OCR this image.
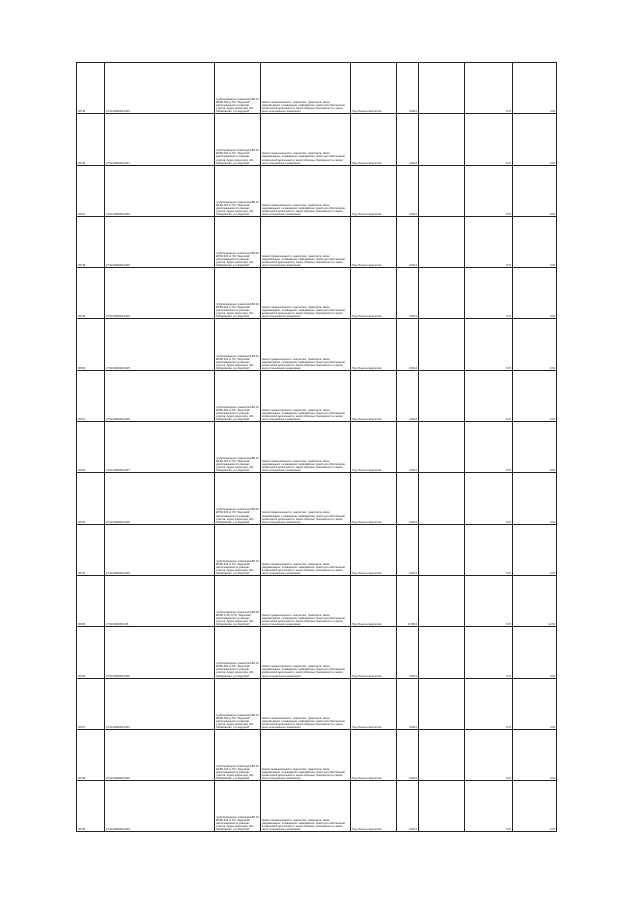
30715	27:04:0000000:1023	трубопроводного транспорта ВЛ-10 кВ ВЛ-103 от ПС "Амурская" расположенного в границах участка. Адрес ориентира: обл. Хабаровская, р-н Амурский	Земли промышленности, энергетики, транспорта, связи, радиовещания, телевидения, информатики, земли для обеспечения космической деятельности, земли обороны, безопасности и земли иного специального назначения	Под объекты энергетики	0,0014		0,70	0,04
30716	27:04:0000000:1021	трубопроводного транспорта ВЛ-10 кВ ВЛ-103 от ПС "Амурская" расположенного в границах участка. Адрес ориентира: обл. Хабаровская, р-н Амурский	Земли промышленности, энергетики, транспорта, связи, радиовещания, телевидения, информатики, земли для обеспечения космической деятельности, земли обороны, безопасности и земли иного специального назначения	Под объекты энергетики	0,0014		0,70	0,04
30717	27:04:0000000:1022	трубопроводного транспорта ВЛ-10 кВ ВЛ-103 от ПС "Амурская" расположенного в границах участка. Адрес ориентира: обл. Хабаровская, р-н Амурский	Земли промышленности, энергетики, транспорта, связи, радиовещания, телевидения, информатики, земли для обеспечения космической деятельности, земли обороны, безопасности и земли иного специального назначения	Под объекты энергетики	0,0014		0,70	0,04
30718	27:04:0000000:1023	трубопроводного транспорта ВЛ-10 кВ ВЛ-103 от ПС "Амурская" расположенного в границах участка. Адрес ориентира: обл. Хабаровская, р-н Амурский	Земли промышленности, энергетики, транспорта, связи, радиовещания, телевидения, информатики, земли для обеспечения космической деятельности, земли обороны, безопасности и земли иного специального назначения	Под объекты энергетики	0,0014		0,70	0,04
30719	27:04:0000000:1024	трубопроводного транспорта ВЛ-10 кВ ВЛ-103 от ПС "Амурская" расположенного в границах участка. Адрес ориентира: обл. Хабаровская, р-н Амурский	Земли промышленности, энергетики, транспорта, связи, радиовещания, телевидения, информатики, земли для обеспечения космической деятельности, земли обороны, безопасности и земли иного специального назначения	Под объекты энергетики	0,0014		0,70	0,04
30720	27:04:0000000:1025	трубопроводного транспорта ВЛ-10 кВ ВЛ-103 от ПС "Амурская" расположенного в границах участка. Адрес ориентира: обл. Хабаровская, р-н Амурский	Земли промышленности, энергетики, транспорта, связи, радиовещания, телевидения, информатики, земли для обеспечения космической деятельности, земли обороны, безопасности и земли иного специального назначения	Под объекты энергетики	0,0014		0,70	0,04
30721	27:04:0000000:1026	трубопроводного транспорта ВЛ-10 кВ ВЛ-103 от ПС "Амурская" расположенного в границах участка. Адрес ориентира: обл. Хабаровская, р-н Амурский	Земли промышленности, энергетики, транспорта, связи, радиовещания, телевидения, информатики, земли для обеспечения космической деятельности, земли обороны, безопасности и земли иного специального назначения	Под объекты энергетики	0,0014		0,70	0,04
30722	27:04:0000000:1027	трубопроводного транспорта ВЛ-10 кВ ВЛ-103 от ПС "Амурская" расположенного в границах участка. Адрес ориентира: обл. Хабаровская, р-н Амурский	Земли промышленности, энергетики, транспорта, связи, радиовещания, телевидения, информатики, земли для обеспечения космической деятельности, земли обороны, безопасности и земли иного специального назначения	Под объекты энергетики	0,0014		0,70	0,04
30723	27:04:0000000:1028	трубопроводного транспорта ВЛ-10 кВ ВЛ-103 от ПС "Амурская" расположенного в границах участка. Адрес ориентира: обл. Хабаровская, р-н Амурский	Земли промышленности, энергетики, транспорта, связи, радиовещания, телевидения, информатики, земли для обеспечения космической деятельности, земли обороны, безопасности и земли иного специального назначения	Под объекты энергетики	0,0014		0,70	0,04
30724	27:04:0000000:1029	трубопроводного транспорта ВЛ-10 кВ ВЛ-103 от ПС "Амурская" расположенного в границах участка. Адрес ориентира: обл. Хабаровская, р-н Амурский	Земли промышленности, энергетики, транспорта, связи, радиовещания, телевидения, информатики, земли для обеспечения космической деятельности, земли обороны, безопасности и земли иного специального назначения	Под объекты энергетики	0,0014		0,70	0,04
30725	27:04:0000000:105	трубопроводного транспорта ВЛ-35 кВ ВЛ-С-35 от ПС "Амурская" расположенного в границах участка. Адрес ориентира: обл. Хабаровская, р-н Амурский	Земли промышленности, энергетики, транспорта, связи, радиовещания, телевидения, информатики, земли для обеспечения космической деятельности, земли обороны, безопасности и земли иного специального назначения	Под объекты энергетики	17,8814		0,70	12,52
30726	27:04:0000000:1030	трубопроводного транспорта ВЛ-10 кВ ВЛ-103 от ПС "Амурская" расположенного в границах участка. Адрес ориентира: обл. Хабаровская, р-н Амурский	Земли промышленности, энергетики, транспорта, связи, радиовещания, телевидения, информатики, земли для обеспечения космической деятельности, земли обороны, безопасности и земли иного специального назначения	Под объекты энергетики	0,0014		0,70	0,04
30727	27:04:0000000:1031	трубопроводного транспорта ВЛ-10 кВ ВЛ-103 от ПС "Амурская" расположенного в границах участка. Адрес ориентира: обл. Хабаровская, р-н Амурский	Земли промышленности, энергетики, транспорта, связи, радиовещания, телевидения, информатики, земли для обеспечения космической деятельности, земли обороны, безопасности и земли иного специального назначения	Под объекты энергетики	0,0014		0,70	0,04
30728	27:04:0000000:1032	трубопроводного транспорта ВЛ-10 кВ ВЛ-103 от ПС "Амурская" расположенного в границах участка. Адрес ориентира: обл. Хабаровская, р-н Амурский	Земли промышленности, энергетики, транспорта, связи, радиовещания, телевидения, информатики, земли для обеспечения космической деятельности, земли обороны, безопасности и земли иного специального назначения	Под объекты энергетики	0,0014		0,70	0,04
30729	27:04:0000000:1033	трубопроводного транспорта ВЛ-10 кВ ВЛ-103 от ПС "Амурская" расположенного в границах участка. Адрес ориентира: обл. Хабаровская, р-н Амурский	Земли промышленности, энергетики, транспорта, связи, радиовещания, телевидения, информатики, земли для обеспечения космической деятельности, земли обороны, безопасности и земли иного специального назначения	Под объекты энергетики	0,0014		0,70	0,04
